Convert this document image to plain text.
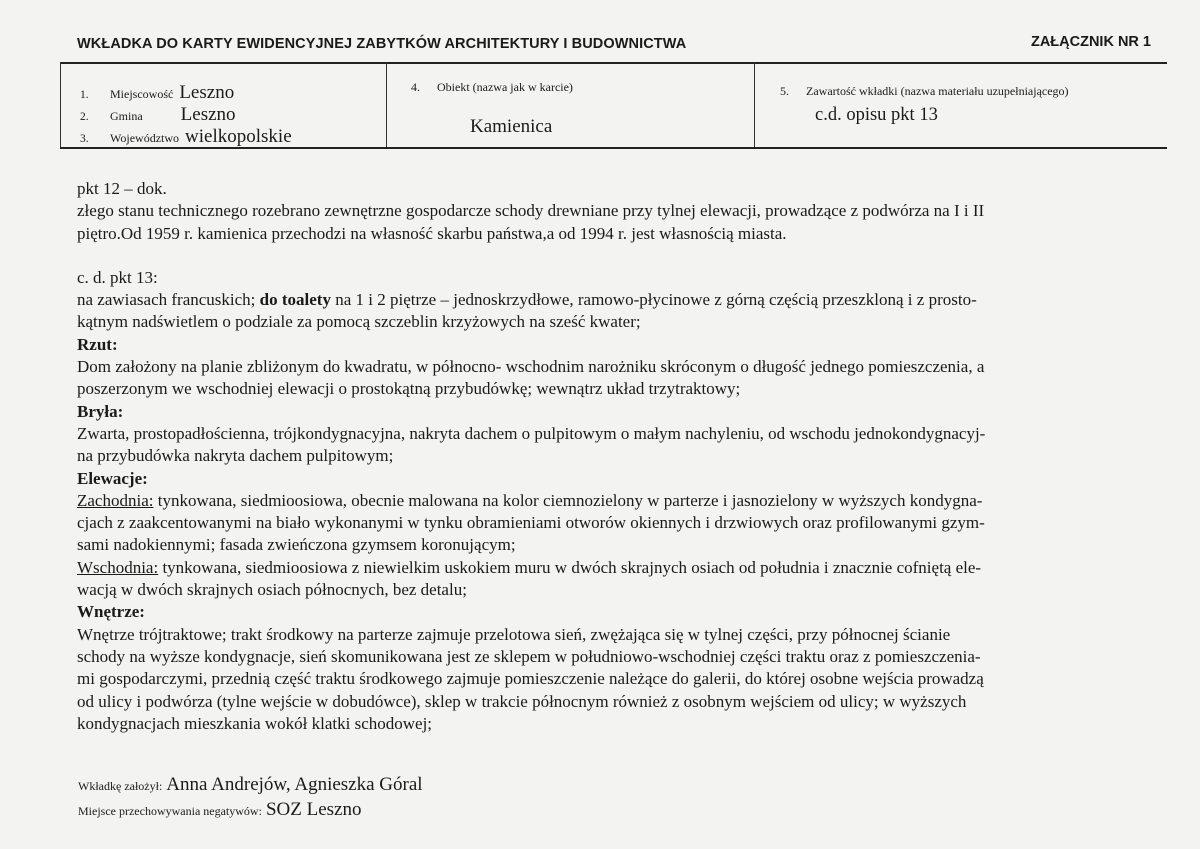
WKŁADKA DO KARTY EWIDENCYJNEJ ZABYTKÓW ARCHITEKTURY I BUDOWNICTWA	ZAŁĄCZNIK NR 1
1.	Miejscowość Leszno
2.	Gmina Leszno
3.	Województwo wielkopolskie
4. Obiekt (nazwa jak w karcie)
Kamienica
5. Zawartość wkładki (nazwa materiału uzupełniającego)
c.d. opisu pkt 13

pkt 12 – dok.

złego stanu technicznego rozebrano zewnętrzne gospodarcze schody drewniane przy tylnej elewacji, prowadzące z podwórza na I i II

piętro.Od 1959 r. kamienica przechodzi na własność skarbu państwa,a od 1994 r. jest własnością miasta.

c. d. pkt 13:

na zawiasach francuskich; do toalety na 1 i 2 piętrze – jednoskrzydłowe, ramowo-płycinowe z górną częścią przeszkloną i z prosto-

kątnym nadświetlem o podziale za pomocą szczeblin krzyżowych na sześć kwater;

Rzut:

Dom założony na planie zbliżonym do kwadratu, w północno- wschodnim narożniku skróconym o długość jednego pomieszczenia, a

poszerzonym we wschodniej elewacji o prostokątną przybudówkę; wewnątrz układ trzytraktowy;

Bryła:

Zwarta, prostopadłościenna, trójkondygnacyjna, nakryta dachem o pulpitowym o małym nachyleniu, od wschodu jednokondygnacyj-

na przybudówka nakryta dachem pulpitowym;

Elewacje:

Zachodnia: tynkowana, siedmioosiowa, obecnie malowana na kolor ciemnozielony w parterze i jasnozielony w wyższych kondygna-

cjach z zaakcentowanymi na biało wykonanymi w tynku obramieniami otworów okiennych i drzwiowych oraz profilowanymi gzym-

sami nadokiennymi; fasada zwieńczona gzymsem koronującym;

Wschodnia: tynkowana, siedmioosiowa z niewielkim uskokiem muru w dwóch skrajnych osiach od południa i znacznie cofniętą ele-

wacją w dwóch skrajnych osiach północnych, bez detalu;

Wnętrze:

Wnętrze trójtraktowe; trakt środkowy na parterze zajmuje przelotowa sień, zwężająca się w tylnej części, przy północnej ścianie

schody na wyższe kondygnacje, sień skomunikowana jest ze sklepem w południowo-wschodniej części traktu oraz z pomieszczenia-

mi gospodarczymi, przednią część traktu środkowego zajmuje pomieszczenie należące do galerii, do której osobne wejścia prowadzą

od ulicy i podwórza (tylne wejście w dobudówce), sklep w trakcie północnym również z osobnym wejściem od ulicy; w wyższych

kondygnacjach mieszkania wokół klatki schodowej;

Wkładkę założył: Anna Andrejów, Agnieszka Góral
Miejsce przechowywania negatywów: SOZ Leszno
